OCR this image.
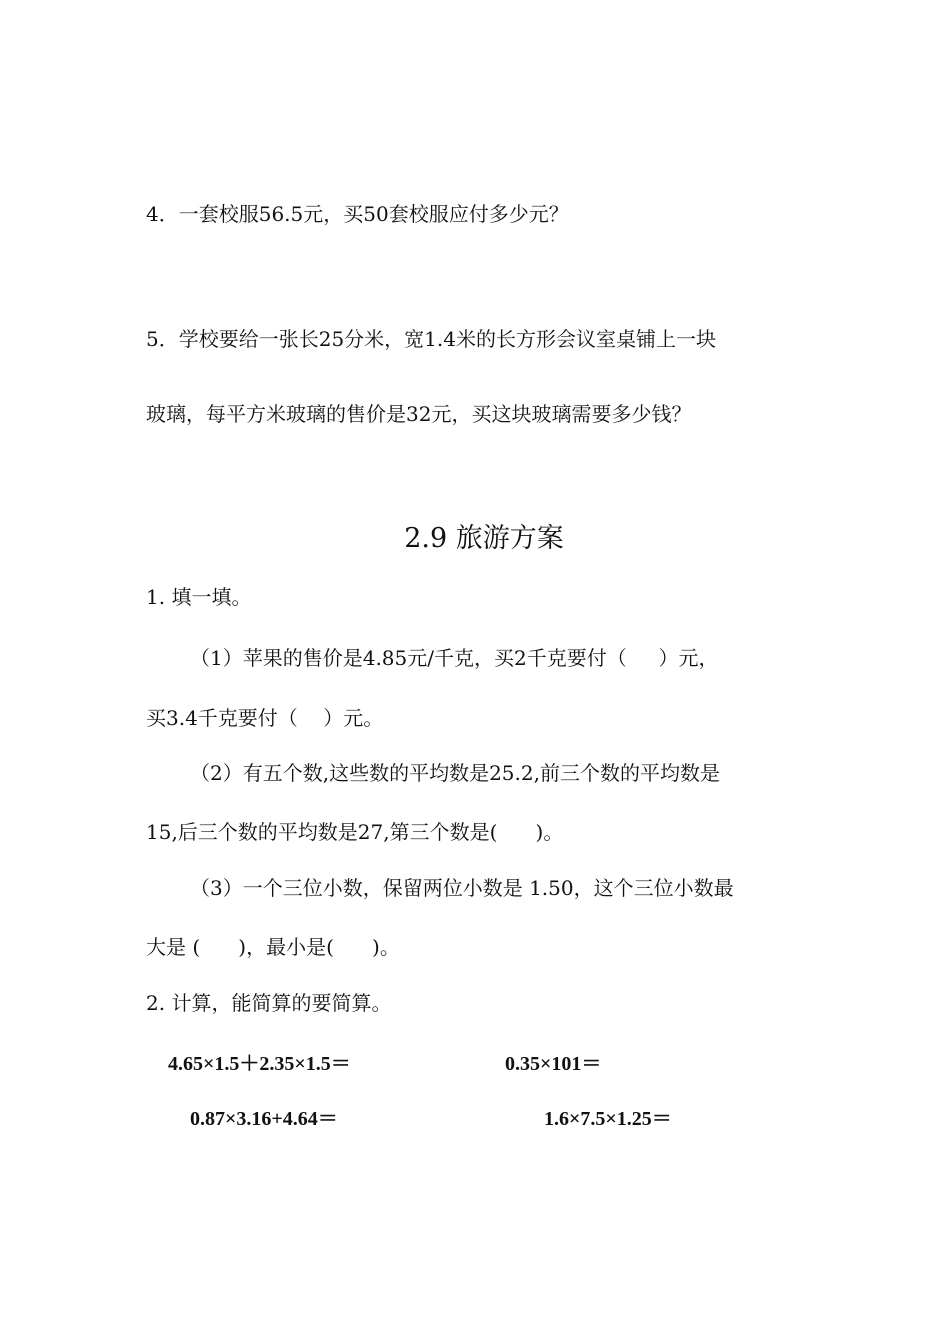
4．一套校服56.5元，买50套校服应付多少元？
5．学校要给一张长25分米，宽1.4米的长方形会议室桌铺上一块
玻璃，每平方米玻璃的售价是32元，买这块玻璃需要多少钱？
2.9 旅游方案
1. 填一填。
（1）苹果的售价是4.85元/千克，买2千克要付（     ）元，
买3.4千克要付（    ）元。
（2）有五个数,这些数的平均数是25.2,前三个数的平均数是
15,后三个数的平均数是27,第三个数是(      )。
（3）一个三位小数，保留两位小数是 1.50，这个三位小数最
大是 (      )，最小是(      )。
2. 计算，能简算的要简算。
4.65×1.5＋2.35×1.5＝	0.35×101＝
0.87×3.16+4.64＝	1.6×7.5×1.25＝
